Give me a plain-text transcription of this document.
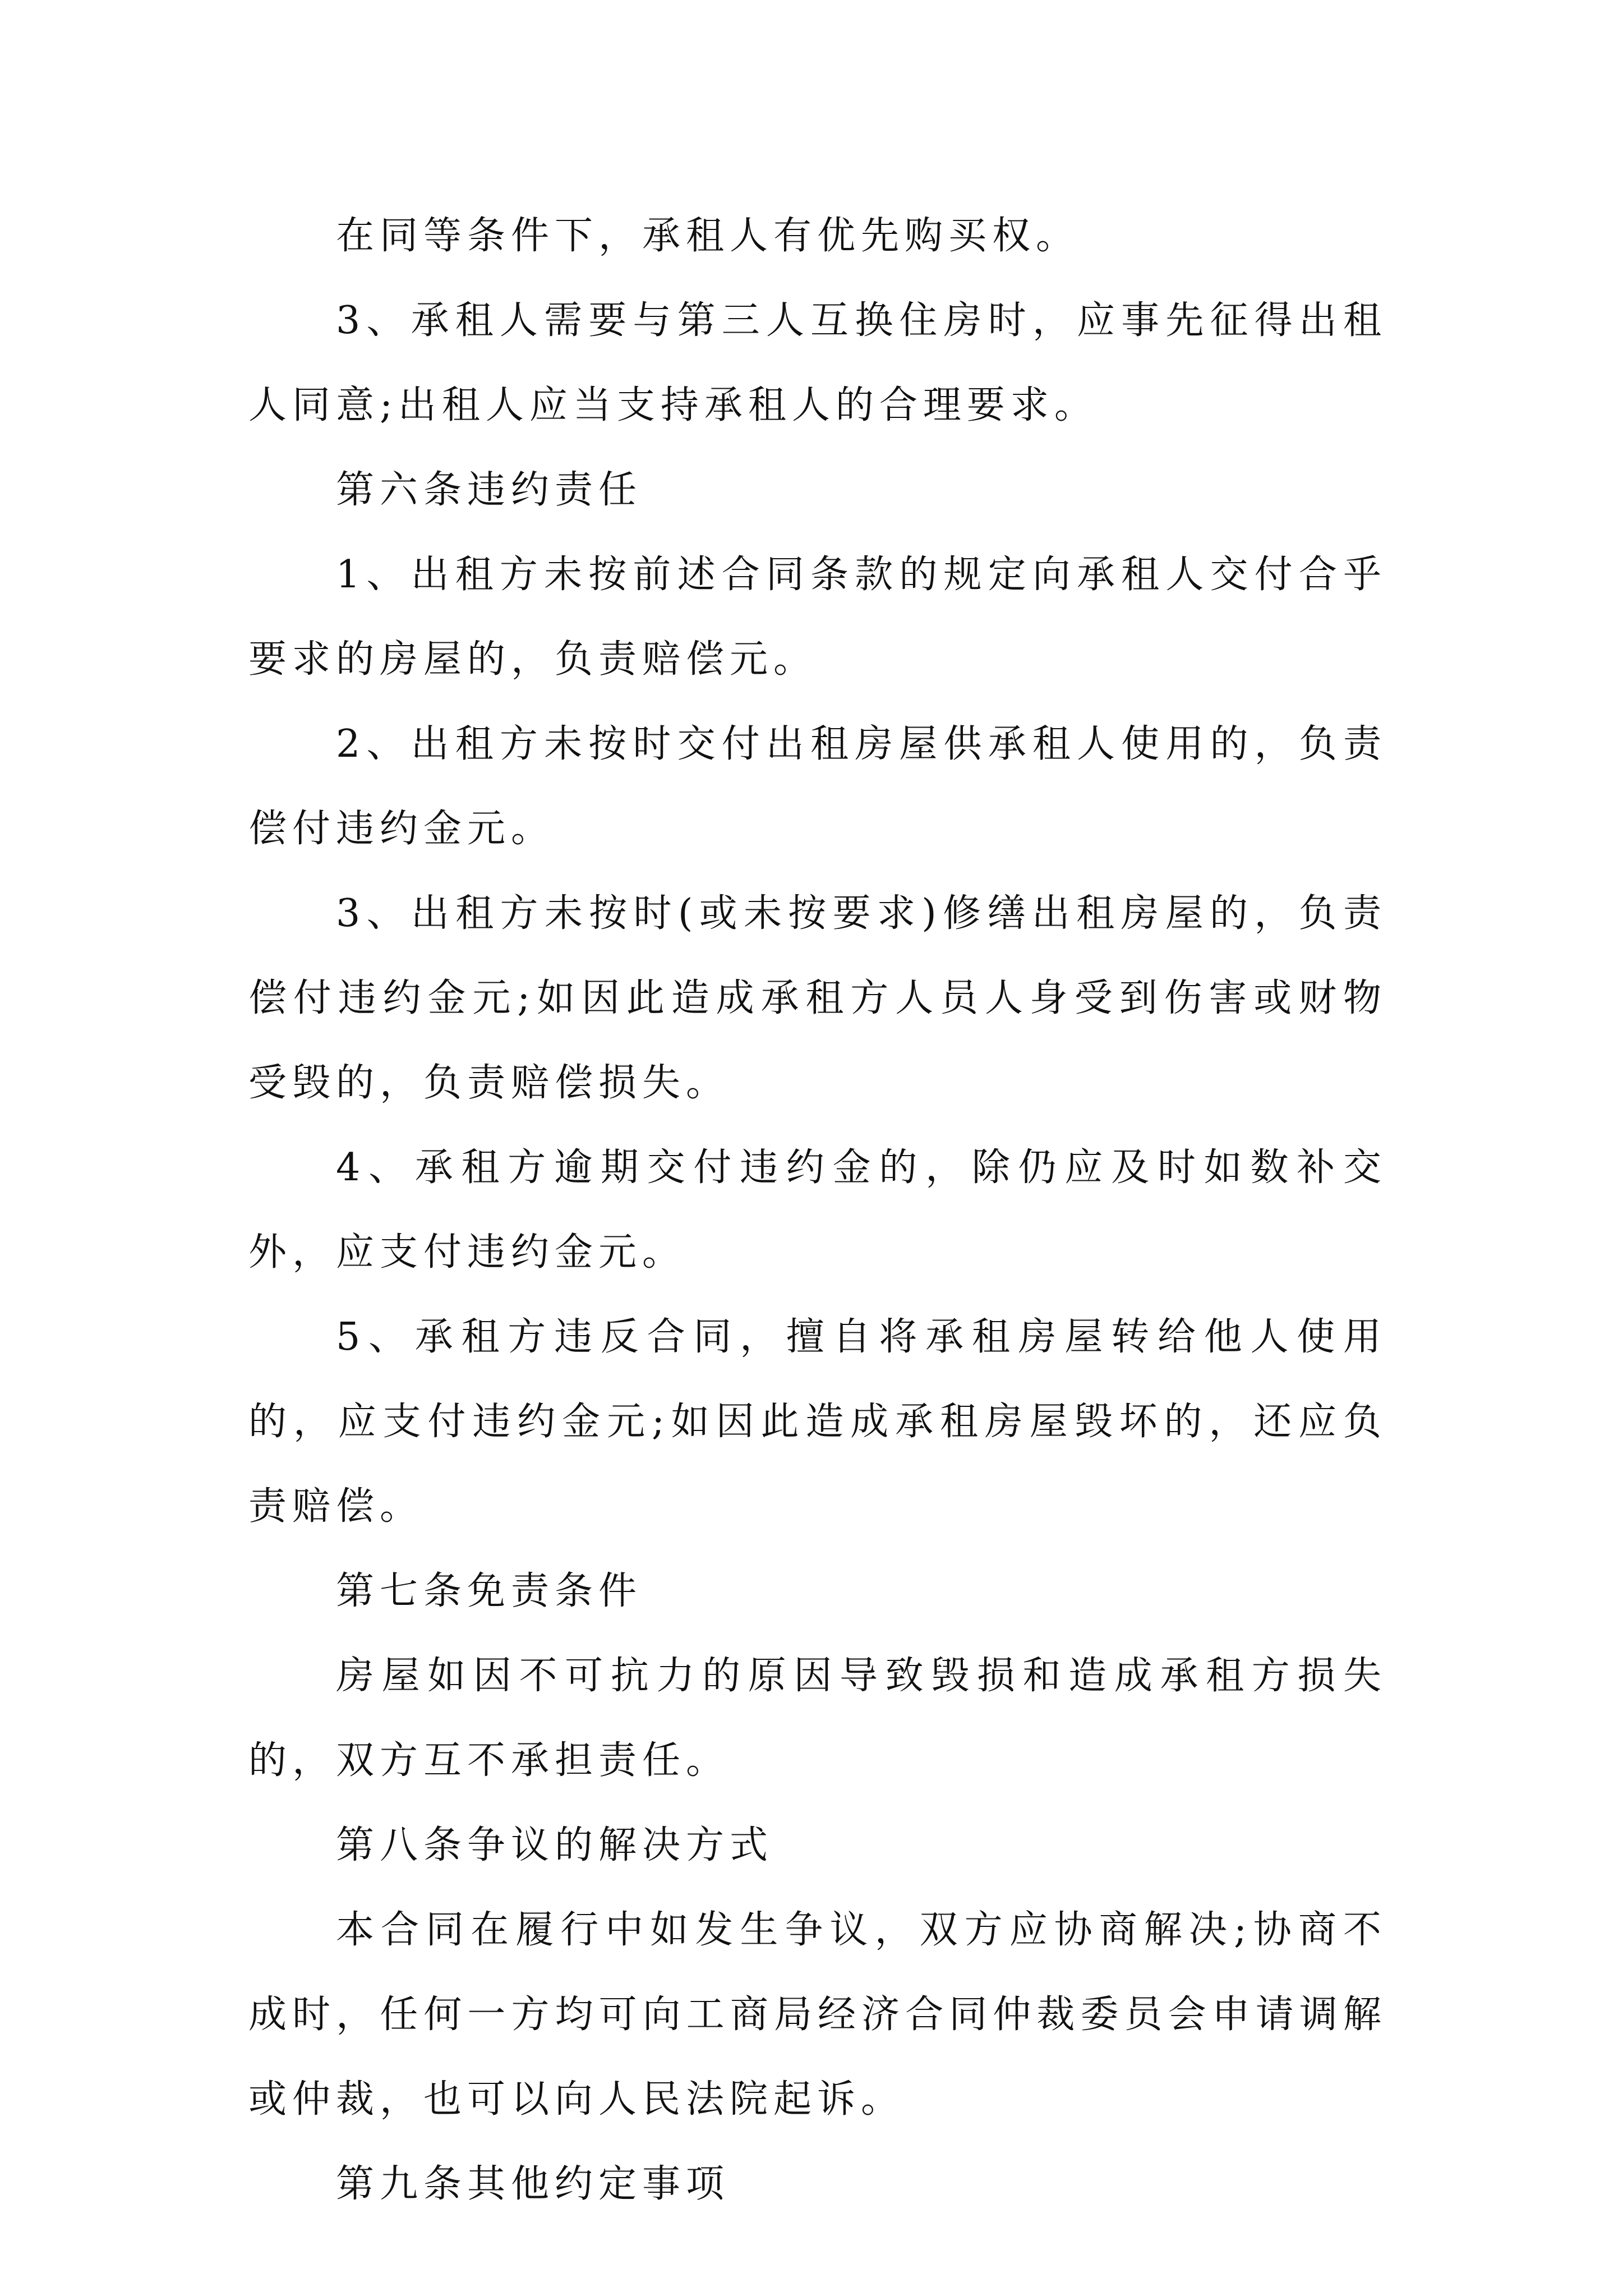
在同等条件下，承租人有优先购买权。

3、承租人需要与第三人互换住房时，应事先征得出租人同意;出租人应当支持承租人的合理要求。

第六条违约责任

1、出租方未按前述合同条款的规定向承租人交付合乎要求的房屋的，负责赔偿元。

2、出租方未按时交付出租房屋供承租人使用的，负责偿付违约金元。

3、出租方未按时(或未按要求)修缮出租房屋的，负责偿付违约金元;如因此造成承租方人员人身受到伤害或财物受毁的，负责赔偿损失。

4、承租方逾期交付违约金的，除仍应及时如数补交外，应支付违约金元。

5、承租方违反合同，擅自将承租房屋转给他人使用的，应支付违约金元;如因此造成承租房屋毁坏的，还应负责赔偿。

第七条免责条件

房屋如因不可抗力的原因导致毁损和造成承租方损失的，双方互不承担责任。

第八条争议的解决方式

本合同在履行中如发生争议，双方应协商解决;协商不成时，任何一方均可向工商局经济合同仲裁委员会申请调解或仲裁，也可以向人民法院起诉。

第九条其他约定事项
